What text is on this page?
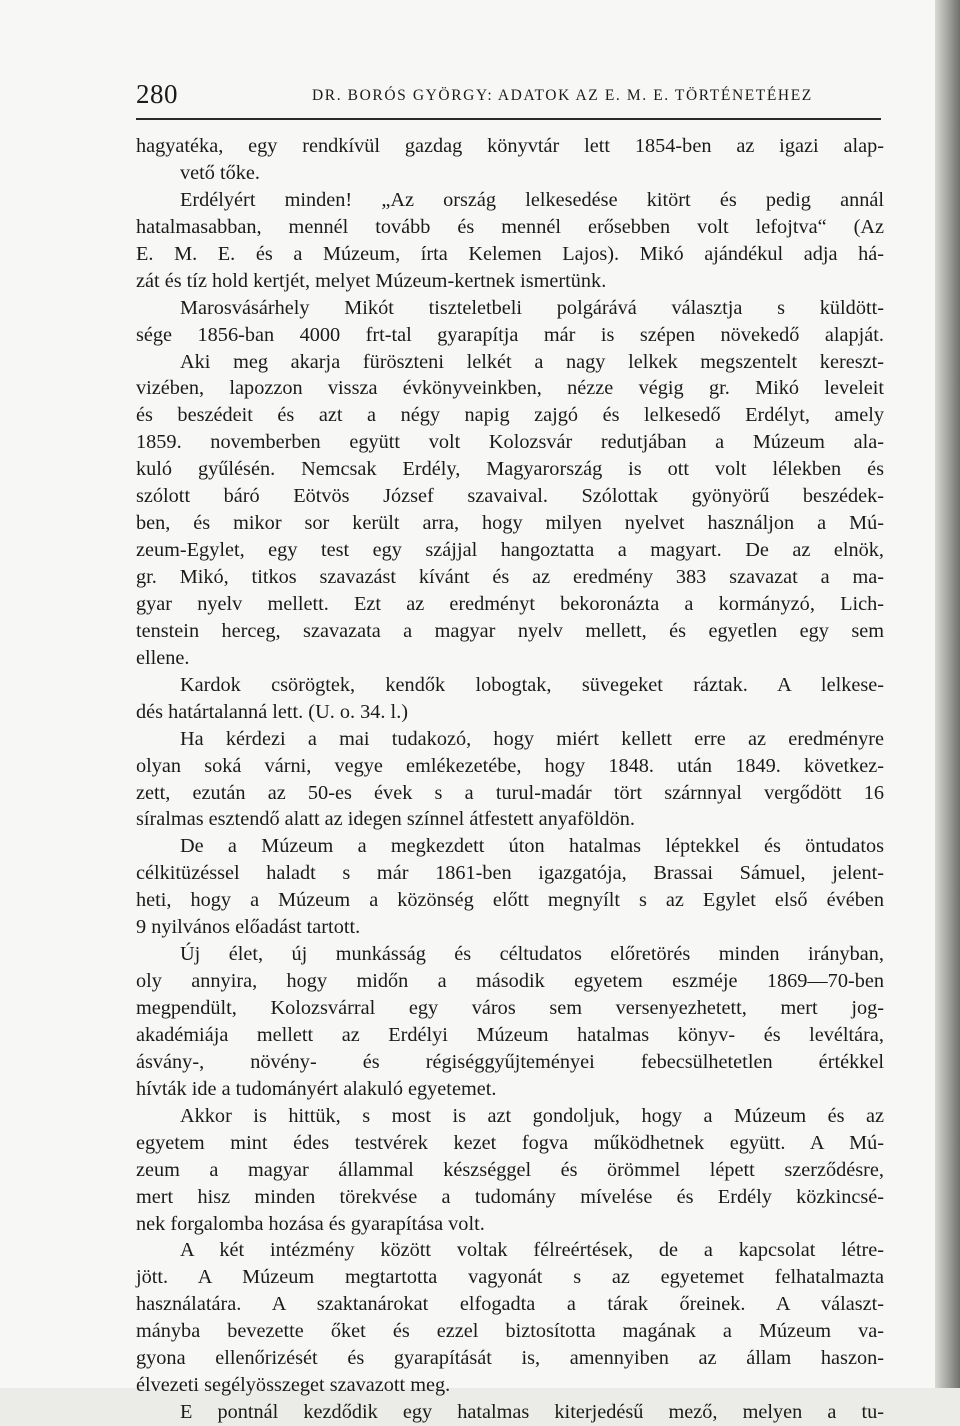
280	DR. BORÓS GYÖRGY: ADATOK AZ E. M. E. TÖRTÉNETÉHEZ
hagyatéka, egy rendkívül gazdag könyvtár lett 1854-ben az igazi alap-
vető tőke.
Erdélyért minden! „Az ország lelkesedése kitört és pedig annál
hatalmasabban, mennél tovább és mennél erősebben volt lefojtva“ (Az
E. M. E. és a Múzeum, írta Kelemen Lajos). Mikó ajándékul adja há-
zát és tíz hold kertjét, melyet Múzeum-kertnek ismertünk.
Marosvásárhely Mikót tiszteletbeli polgárává választja s küldött-
sége 1856-ban 4000 frt-tal gyarapítja már is szépen növekedő alapját.
Aki meg akarja füröszteni lelkét a nagy lelkek megszentelt kereszt-
vizében, lapozzon vissza évkönyveinkben, nézze végig gr. Mikó leveleit
és beszédeit és azt a négy napig zajgó és lelkesedő Erdélyt, amely
1859. novemberben együtt volt Kolozsvár redutjában a Múzeum ala-
kuló gyűlésén. Nemcsak Erdély, Magyarország is ott volt lélekben és
szólott báró Eötvös József szavaival. Szólottak gyönyörű beszédek-
ben, és mikor sor került arra, hogy milyen nyelvet használjon a Mú-
zeum-Egylet, egy test egy szájjal hangoztatta a magyart. De az elnök,
gr. Mikó, titkos szavazást kívánt és az eredmény 383 szavazat a ma-
gyar nyelv mellett. Ezt az eredményt bekoronázta a kormányzó, Lich-
tenstein herceg, szavazata a magyar nyelv mellett, és egyetlen egy sem
ellene.
Kardok csörögtek, kendők lobogtak, süvegeket ráztak. A lelkese-
dés határtalanná lett. (U. o. 34. l.)
Ha kérdezi a mai tudakozó, hogy miért kellett erre az eredményre
olyan soká várni, vegye emlékezetébe, hogy 1848. után 1849. következ-
zett, ezután az 50-es évek s a turul-madár tört szárnnyal vergődött 16
síralmas esztendő alatt az idegen színnel átfestett anyaföldön.
De a Múzeum a megkezdett úton hatalmas léptekkel és öntudatos
célkitüzéssel haladt s már 1861-ben igazgatója, Brassai Sámuel, jelent-
heti, hogy a Múzeum a közönség előtt megnyílt s az Egylet első évében
9 nyilvános előadást tartott.
Új élet, új munkásság és céltudatos előretörés minden irányban,
oly annyira, hogy midőn a második egyetem eszméje 1869—70-ben
megpendült, Kolozsvárral egy város sem versenyezhetett, mert jog-
akadémiája mellett az Erdélyi Múzeum hatalmas könyv- és levéltára,
ásvány-, növény- és régiséggyűjteményei febecsülhetetlen értékkel
hívták ide a tudományért alakuló egyetemet.
Akkor is hittük, s most is azt gondoljuk, hogy a Múzeum és az
egyetem mint édes testvérek kezet fogva működhetnek együtt. A Mú-
zeum a magyar állammal készséggel és örömmel lépett szerződésre,
mert hisz minden törekvése a tudomány mívelése és Erdély közkincsé-
nek forgalomba hozása és gyarapítása volt.
A két intézmény között voltak félreértések, de a kapcsolat létre-
jött. A Múzeum megtartotta vagyonát s az egyetemet felhatalmazta
használatára. A szaktanárokat elfogadta a tárak őreinek. A választ-
mányba bevezette őket és ezzel biztosította magának a Múzeum va-
gyona ellenőrizését és gyarapítását is, amennyiben az állam haszon-
élvezeti segélyösszeget szavazott meg.
E pontnál kezdődik egy hatalmas kiterjedésű mező, melyen a tu-
